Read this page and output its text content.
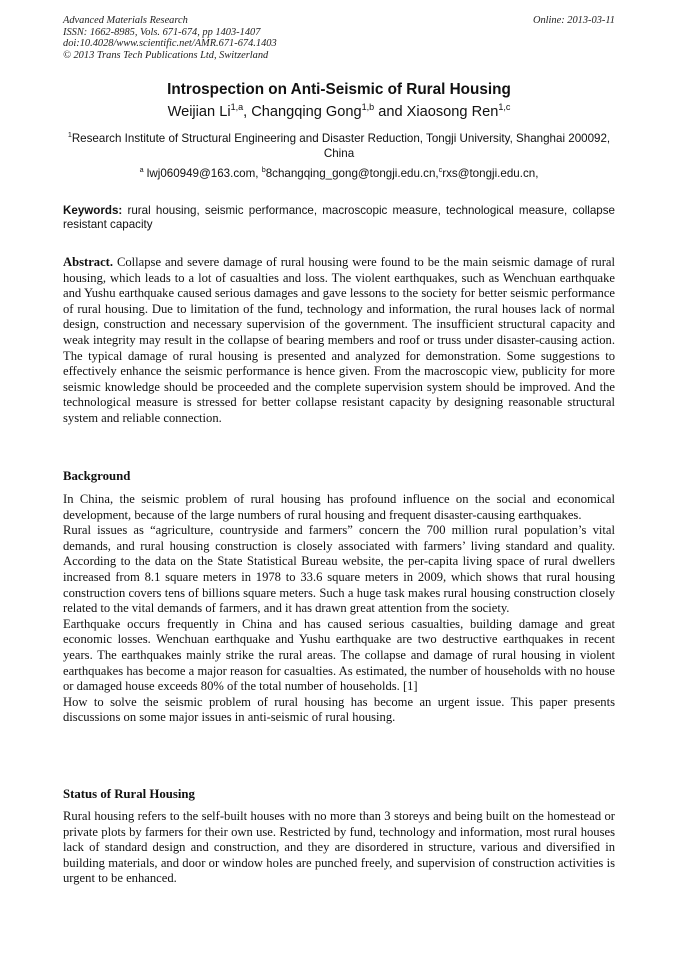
Advanced Materials Research
ISSN: 1662-8985, Vols. 671-674, pp 1403-1407
doi:10.4028/www.scientific.net/AMR.671-674.1403
© 2013 Trans Tech Publications Ltd, Switzerland
Online: 2013-03-11
Introspection on Anti-Seismic of Rural Housing
Weijian Li$^{1,a}$, Changqing Gong$^{1,b}$ and Xiaosong Ren$^{1,c}$
$^1$Research Institute of Structural Engineering and Disaster Reduction, Tongji University, Shanghai 200092, China
$^a$ lwj060949@163.com, $^b$8changqing_gong@tongji.edu.cn,$^c$rxs@tongji.edu.cn,
Keywords: rural housing, seismic performance, macroscopic measure, technological measure, collapse resistant capacity

Abstract. Collapse and severe damage of rural housing were found to be the main seismic damage of rural housing, which leads to a lot of casualties and loss. The violent earthquakes, such as Wenchuan earthquake and Yushu earthquake caused serious damages and gave lessons to the society for better seismic performance of rural housing. Due to limitation of the fund, technology and information, the rural houses lack of normal design, construction and necessary supervision of the government. The insufficient structural capacity and weak integrity may result in the collapse of bearing members and roof or truss under disaster-causing action. The typical damage of rural housing is presented and analyzed for demonstration. Some suggestions to effectively enhance the seismic performance is hence given. From the macroscopic view, publicity for more seismic knowledge should be proceeded and the complete supervision system should be improved. And the technological measure is stressed for better collapse resistant capacity by designing reasonable structural system and reliable connection.

Background

In China, the seismic problem of rural housing has profound influence on the social and economical development, because of the large numbers of rural housing and frequent disaster-causing earthquakes.

Rural issues as “agriculture, countryside and farmers” concern the 700 million rural population’s vital demands, and rural housing construction is closely associated with farmers’ living standard and quality. According to the data on the State Statistical Bureau website, the per-capita living space of rural dwellers increased from 8.1 square meters in 1978 to 33.6 square meters in 2009, which shows that rural housing construction covers tens of billions square meters. Such a huge task makes rural housing construction closely related to the vital demands of farmers, and it has drawn great attention from the society.

Earthquake occurs frequently in China and has caused serious casualties, building damage and great economic losses. Wenchuan earthquake and Yushu earthquake are two destructive earthquakes in recent years. The earthquakes mainly strike the rural areas. The collapse and damage of rural housing in violent earthquakes has become a major reason for casualties. As estimated, the number of households with no house or damaged house exceeds 80% of the total number of households. [1]

How to solve the seismic problem of rural housing has become an urgent issue. This paper presents discussions on some major issues in anti-seismic of rural housing.

Status of Rural Housing

Rural housing refers to the self-built houses with no more than 3 storeys and being built on the homestead or private plots by farmers for their own use. Restricted by fund, technology and information, most rural houses lack of standard design and construction, and they are disordered in structure, various and diversified in building materials, and door or window holes are punched freely, and supervision of construction activities is urgent to be enhanced.
